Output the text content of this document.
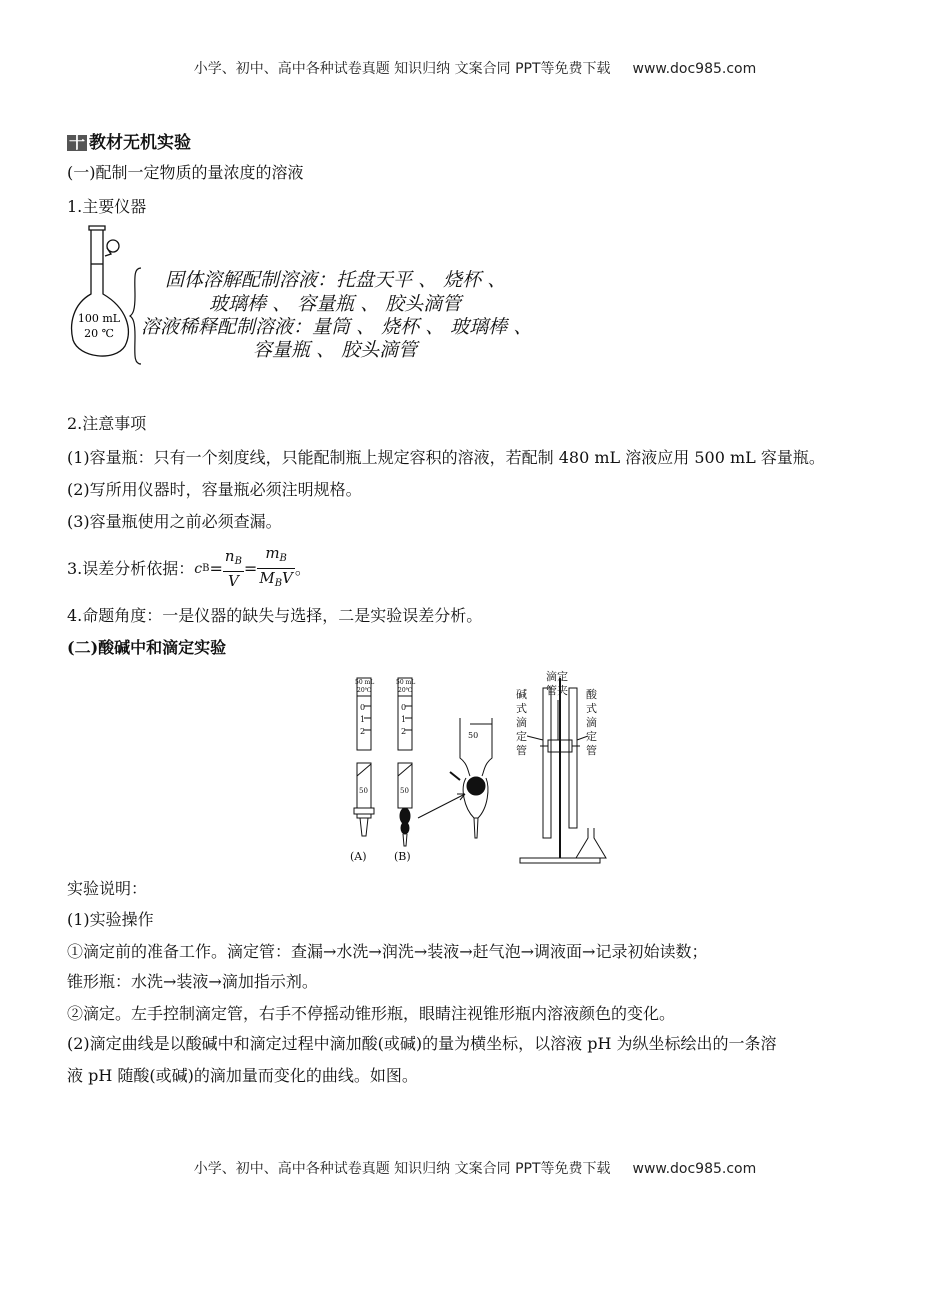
小学、初中、高中各种试卷真题 知识归纳 文案合同 PPT等免费下载 www.doc985.com
十 教材无机实验
(一)配制一定物质的量浓度的溶液
1.主要仪器
100 mL
20 ℃
固体溶解配制溶液：托盘天平 、 烧杯 、
玻璃棒 、 容量瓶 、 胶头滴管
溶液稀释配制溶液：量筒 、 烧杯 、 玻璃棒 、
容量瓶 、 胶头滴管
2.注意事项
(1)容量瓶：只有一个刻度线，只能配制瓶上规定容积的溶液，若配制 480 mL 溶液应用 500 mL 容量瓶。
(2)写所用仪器时，容量瓶必须注明规格。
(3)容量瓶使用之前必须查漏。
3.误差分析依据： c $B = \frac{n_B}{V} = \frac{m_B}{M_BV}$ 。
4.命题角度：一是仪器的缺失与选择，二是实验误差分析。
(二)酸碱中和滴定实验
50 mL
20℃
0
1
2
50 mL
20℃
0
1
2
50	50
50
(A) (B)
滴定
管夹
碱
式
滴
定
管
酸
式
滴
定
管
实验说明：
(1)实验操作
①滴定前的准备工作。滴定管：查漏→水洗→润洗→装液→赶气泡→调液面→记录初始读数；
锥形瓶：水洗→装液→滴加指示剂。
②滴定。左手控制滴定管，右手不停摇动锥形瓶，眼睛注视锥形瓶内溶液颜色的变化。
(2)滴定曲线是以酸碱中和滴定过程中滴加酸(或碱)的量为横坐标，以溶液 pH 为纵坐标绘出的一条溶
液 pH 随酸(或碱)的滴加量而变化的曲线。如图。
小学、初中、高中各种试卷真题 知识归纳 文案合同 PPT等免费下载 www.doc985.com
